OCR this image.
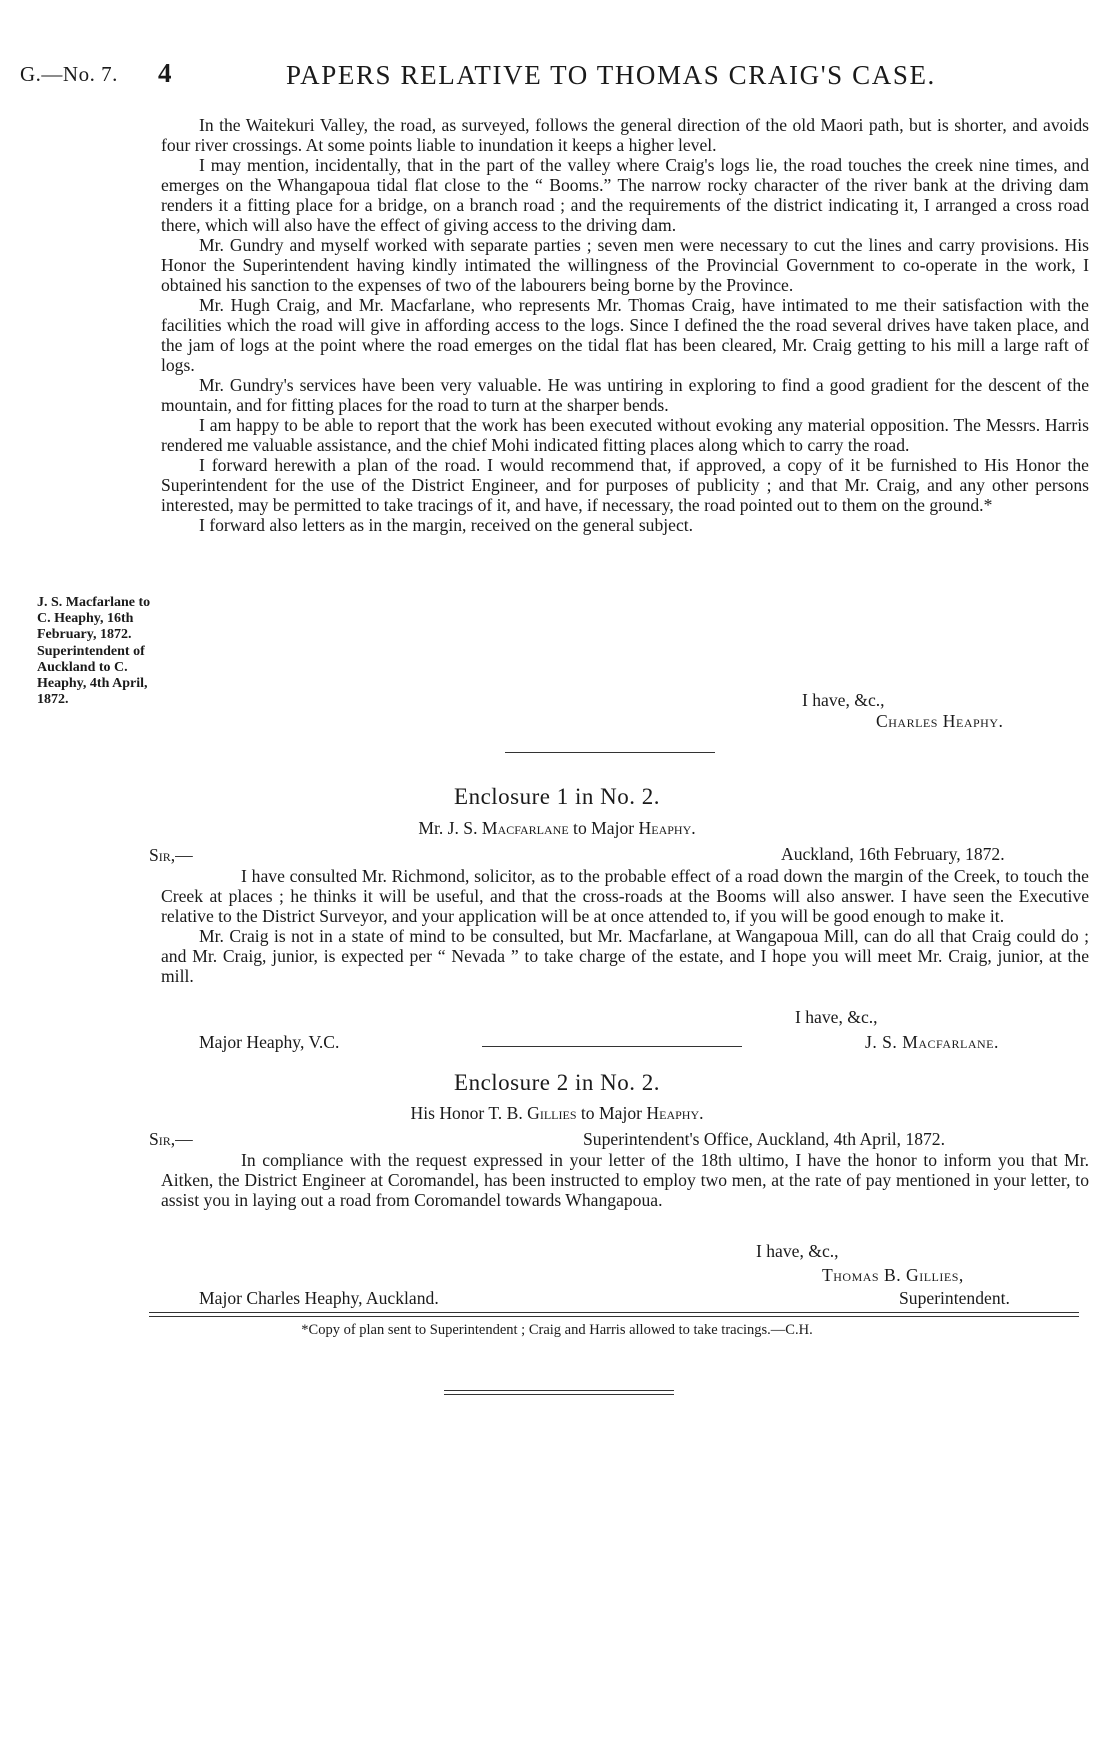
G.—No. 7. 4	PAPERS RELATIVE TO THOMAS CRAIG'S CASE.

In the Waitekuri Valley, the road, as surveyed, follows the general direction of the old Maori path, but is shorter, and avoids four river crossings. At some points liable to inundation it keeps a higher level.

I may mention, incidentally, that in the part of the valley where Craig's logs lie, the road touches the creek nine times, and emerges on the Whangapoua tidal flat close to the “ Booms.” The narrow rocky character of the river bank at the driving dam renders it a fitting place for a bridge, on a branch road ; and the requirements of the district indicating it, I arranged a cross road there, which will also have the effect of giving access to the driving dam.

Mr. Gundry and myself worked with separate parties ; seven men were necessary to cut the lines and carry provisions. His Honor the Superintendent having kindly intimated the willingness of the Provincial Government to co-operate in the work, I obtained his sanction to the expenses of two of the labourers being borne by the Province.

Mr. Hugh Craig, and Mr. Macfarlane, who represents Mr. Thomas Craig, have intimated to me their satisfaction with the facilities which the road will give in affording access to the logs. Since I defined the the road several drives have taken place, and the jam of logs at the point where the road emerges on the tidal flat has been cleared, Mr. Craig getting to his mill a large raft of logs.

Mr. Gundry's services have been very valuable. He was untiring in exploring to find a good gradient for the descent of the mountain, and for fitting places for the road to turn at the sharper bends.

I am happy to be able to report that the work has been executed without evoking any material opposition. The Messrs. Harris rendered me valuable assistance, and the chief Mohi indicated fitting places along which to carry the road.

I forward herewith a plan of the road. I would recommend that, if approved, a copy of it be furnished to His Honor the Superintendent for the use of the District Engineer, and for purposes of publicity ; and that Mr. Craig, and any other persons interested, may be permitted to take tracings of it, and have, if necessary, the road pointed out to them on the ground.*

I forward also letters as in the margin, received on the general subject.

J. S. Macfarlane to C. Heaphy, 16th February, 1872. Superintendent of Auckland to C. Heaphy, 4th April, 1872.	I have, &c.,
Charles Heaphy.
Enclosure 1 in No. 2.
Mr. J. S. Macfarlane to Major Heaphy.
Sir,—	Auckland, 16th February, 1872.

I have consulted Mr. Richmond, solicitor, as to the probable effect of a road down the margin of the Creek, to touch the Creek at places ; he thinks it will be useful, and that the cross-roads at the Booms will also answer. I have seen the Executive relative to the District Surveyor, and your application will be at once attended to, if you will be good enough to make it.

Mr. Craig is not in a state of mind to be consulted, but Mr. Macfarlane, at Wangapoua Mill, can do all that Craig could do ; and Mr. Craig, junior, is expected per “ Nevada ” to take charge of the estate, and I hope you will meet Mr. Craig, junior, at the mill.

I have, &c.,
Major Heaphy, V.C.	J. S. Macfarlane.
Enclosure 2 in No. 2.
His Honor T. B. Gillies to Major Heaphy.
Sir,—	Superintendent's Office, Auckland, 4th April, 1872.

In compliance with the request expressed in your letter of the 18th ultimo, I have the honor to inform you that Mr. Aitken, the District Engineer at Coromandel, has been instructed to employ two men, at the rate of pay mentioned in your letter, to assist you in laying out a road from Coromandel towards Whangapoua.

I have, &c.,
Thomas B. Gillies,
Major Charles Heaphy, Auckland.	Superintendent.
*Copy of plan sent to Superintendent ; Craig and Harris allowed to take tracings.—C.H.
